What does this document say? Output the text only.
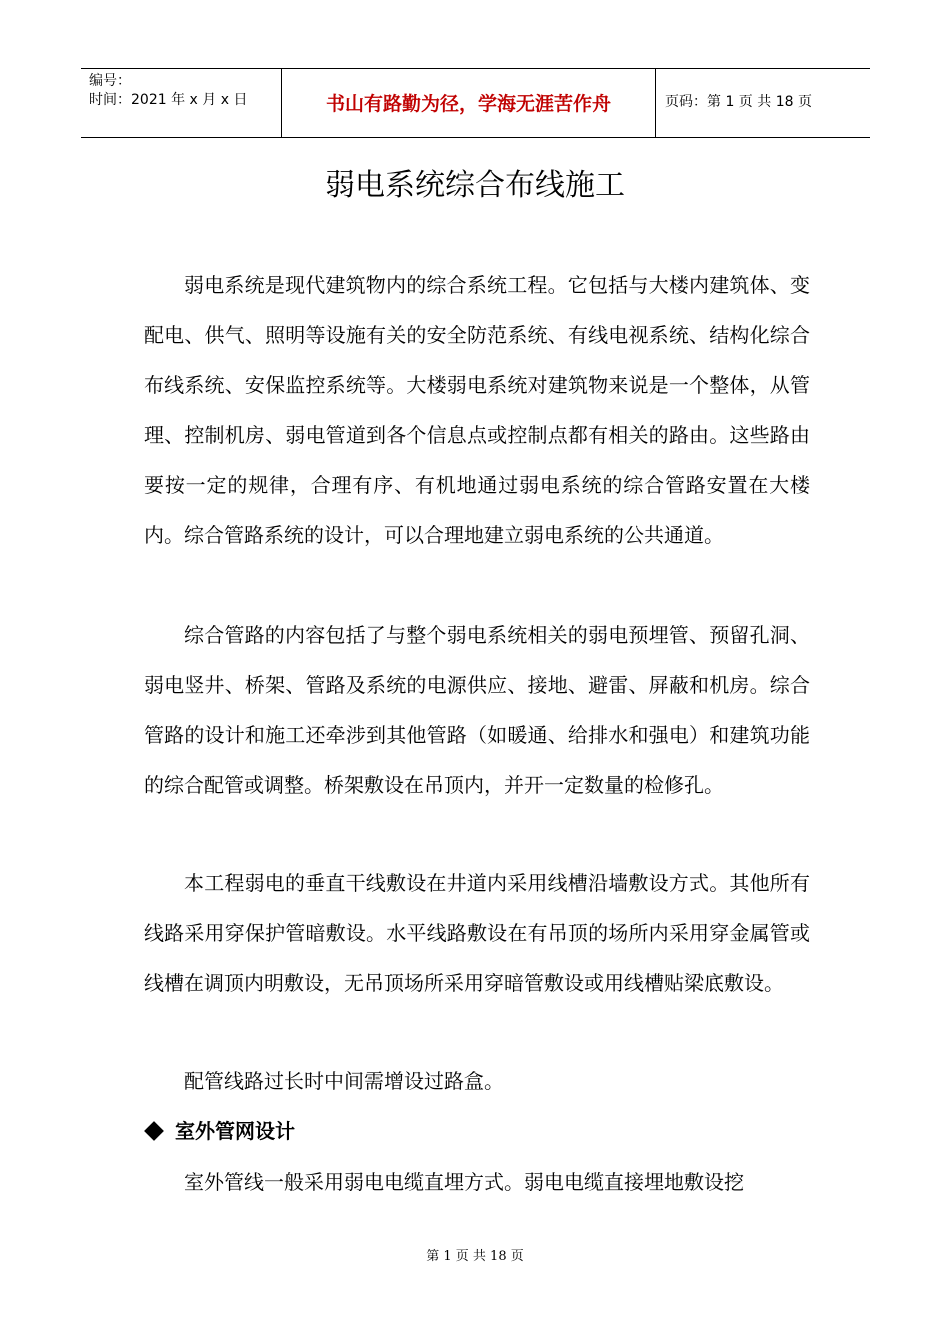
编号：
时间：2021 年 x 月 x 日	书山有路勤为径，学海无涯苦作舟	页码：第 1 页 共 18 页
弱电系统综合布线施工

弱电系统是现代建筑物内的综合系统工程。它包括与大楼内建筑体、变配电、供气、照明等设施有关的安全防范系统、有线电视系统、结构化综合布线系统、安保监控系统等。大楼弱电系统对建筑物来说是一个整体，从管理、控制机房、弱电管道到各个信息点或控制点都有相关的路由。这些路由要按一定的规律，合理有序、有机地通过弱电系统的综合管路安置在大楼内。综合管路系统的设计，可以合理地建立弱电系统的公共通道。

综合管路的内容包括了与整个弱电系统相关的弱电预埋管、预留孔洞、弱电竖井、桥架、管路及系统的电源供应、接地、避雷、屏蔽和机房。综合管路的设计和施工还牵涉到其他管路（如暖通、给排水和强电）和建筑功能的综合配管或调整。桥架敷设在吊顶内，并开一定数量的检修孔。

本工程弱电的垂直干线敷设在井道内采用线槽沿墙敷设方式。其他所有线路采用穿保护管暗敷设。水平线路敷设在有吊顶的场所内采用穿金属管或线槽在调顶内明敷设，无吊顶场所采用穿暗管敷设或用线槽贴梁底敷设。

配管线路过长时中间需增设过路盒。

室外管网设计

室外管线一般采用弱电电缆直埋方式。弱电电缆直接埋地敷设挖

第 1 页 共 18 页
